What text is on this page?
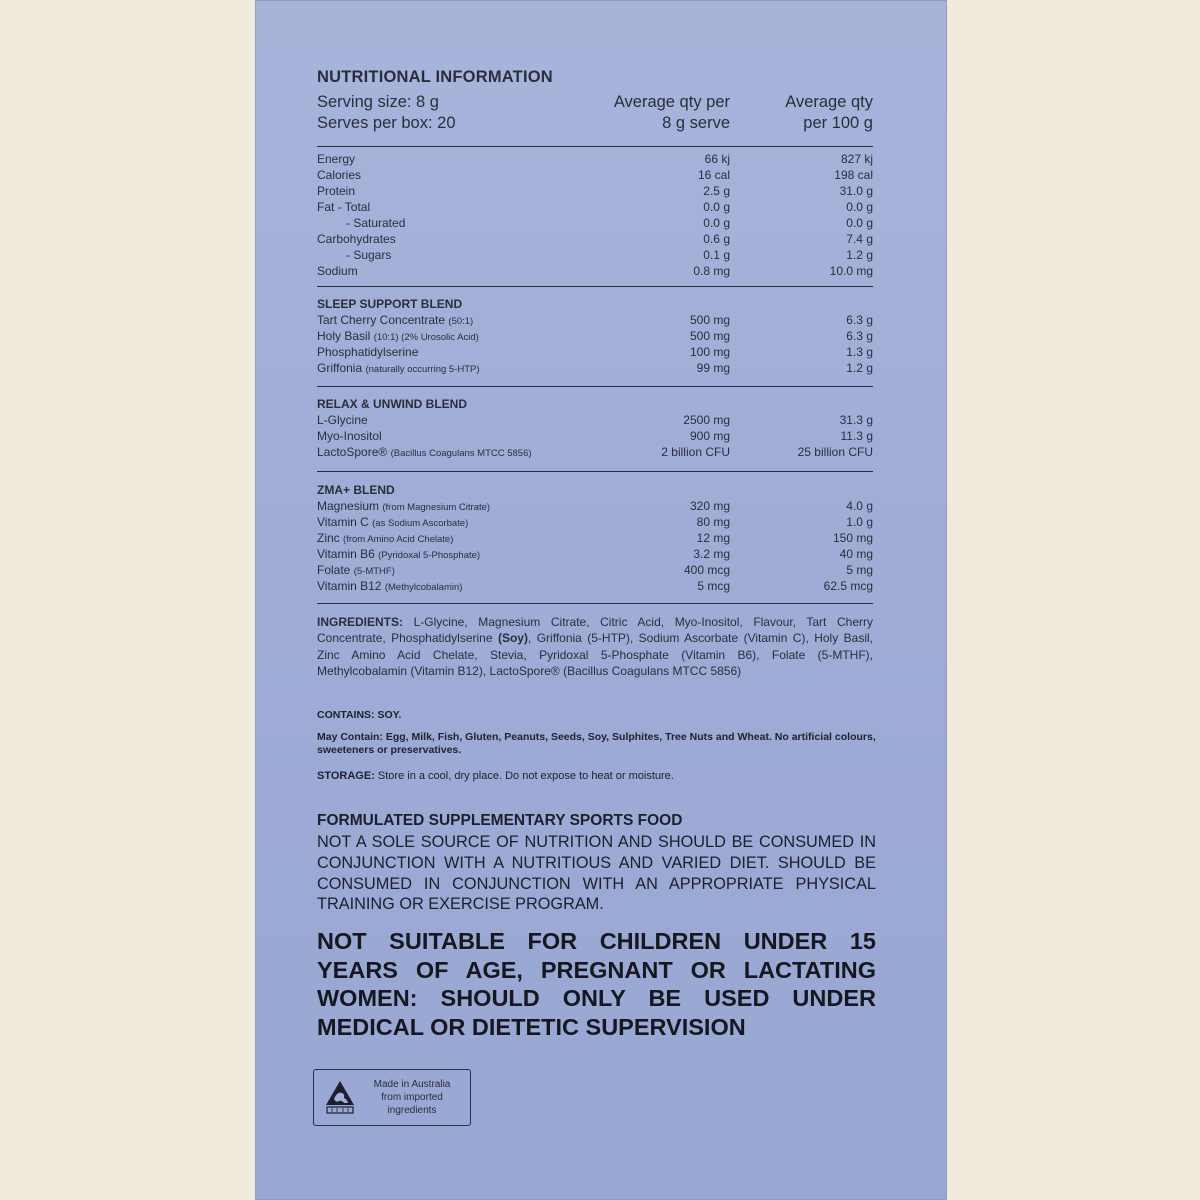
NUTRITIONAL INFORMATION
Serving size: 8 g
Serves per box: 20
Average qty per
8 g serve
Average qty
per 100 g
Energy	66 kj	827 kj
Calories	16 cal	198 cal
Protein	2.5 g	31.0 g
Fat - Total	0.0 g	0.0 g
- Saturated	0.0 g	0.0 g
Carbohydrates	0.6 g	7.4 g
- Sugars	0.1 g	1.2 g
Sodium	0.8 mg	10.0 mg
SLEEP SUPPORT BLEND
Tart Cherry Concentrate (50:1)	500 mg	6.3 g
Holy Basil (10:1) (2% Urosolic Acid)	500 mg	6.3 g
Phosphatidylserine	100 mg	1.3 g
Griffonia (naturally occurring 5-HTP)	99 mg	1.2 g
RELAX & UNWIND BLEND
L-Glycine	2500 mg	31.3 g
Myo-Inositol	900 mg	11.3 g
LactoSpore® (Bacillus Coagulans MTCC 5856)	2 billion CFU	25 billion CFU
ZMA+ BLEND
Magnesium (from Magnesium Citrate)	320 mg	4.0 g
Vitamin C (as Sodium Ascorbate)	80 mg	1.0 g
Zinc (from Amino Acid Chelate)	12 mg	150 mg
Vitamin B6 (Pyridoxal 5-Phosphate)	3.2 mg	40 mg
Folate (5-MTHF)	400 mcg	5 mg
Vitamin B12 (Methylcobalamin)	5 mcg	62.5 mcg
INGREDIENTS: L-Glycine, Magnesium Citrate, Citric Acid, Myo-Inositol, Flavour, Tart Cherry Concentrate, Phosphatidylserine (Soy), Griffonia (5-HTP), Sodium Ascorbate (Vitamin C), Holy Basil, Zinc Amino Acid Chelate, Stevia, Pyridoxal 5-Phosphate (Vitamin B6), Folate (5-MTHF), Methylcobalamin (Vitamin B12), LactoSpore® (Bacillus Coagulans MTCC 5856)
CONTAINS: SOY.
May Contain: Egg, Milk, Fish, Gluten, Peanuts, Seeds, Soy, Sulphites, Tree Nuts and Wheat. No artificial colours, sweeteners or preservatives.
STORAGE: Store in a cool, dry place. Do not expose to heat or moisture.
FORMULATED SUPPLEMENTARY SPORTS FOOD
NOT A SOLE SOURCE OF NUTRITION AND SHOULD BE CONSUMED IN CONJUNCTION WITH A NUTRITIOUS AND VARIED DIET. SHOULD BE CONSUMED IN CONJUNCTION WITH AN APPROPRIATE PHYSICAL TRAINING OR EXERCISE PROGRAM.
NOT SUITABLE FOR CHILDREN UNDER 15 YEARS OF AGE, PREGNANT OR LACTATING WOMEN: SHOULD ONLY BE USED UNDER MEDICAL OR DIETETIC SUPERVISION
Made in Australia
from imported
ingredients
